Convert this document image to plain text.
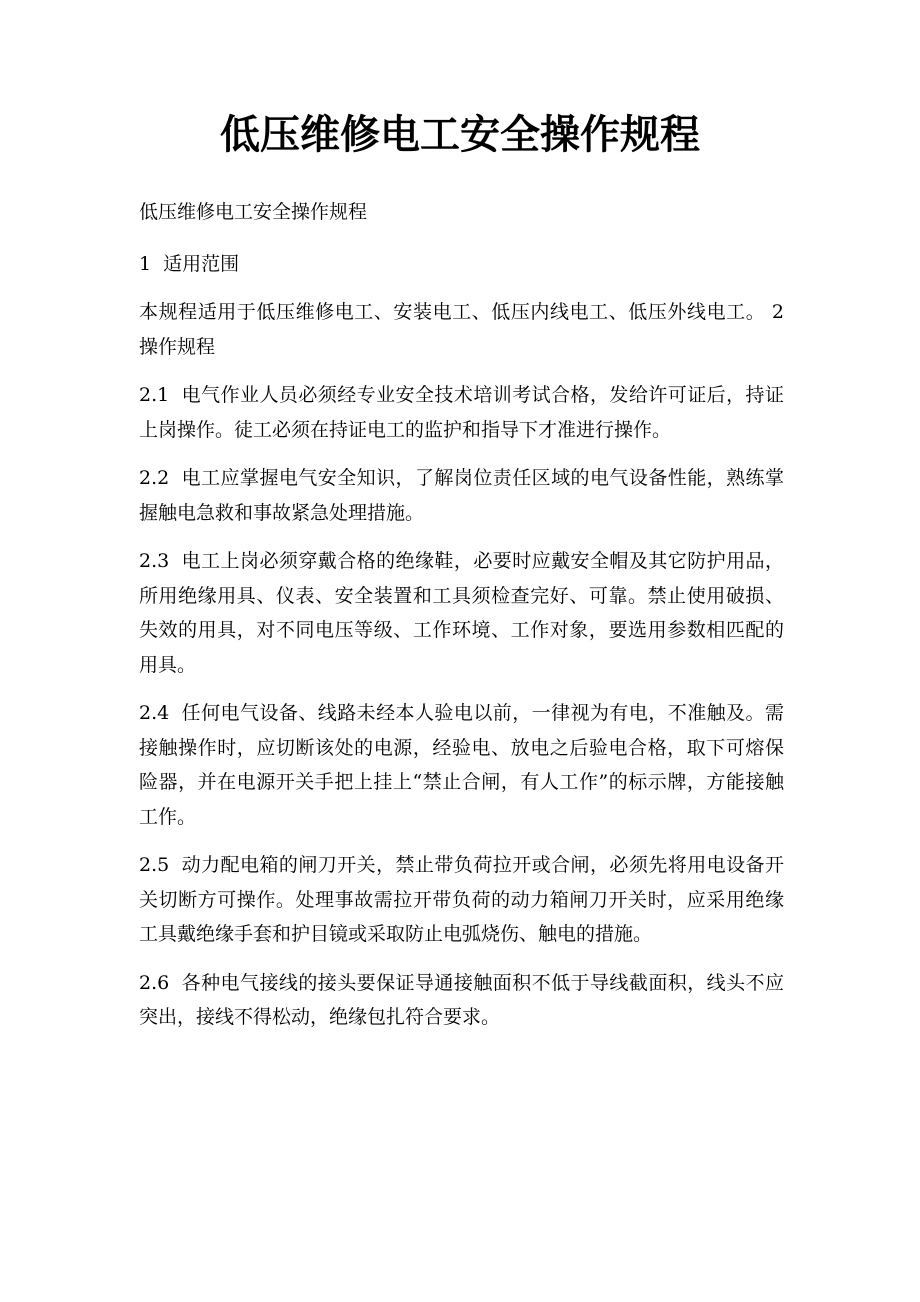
低压维修电工安全操作规程

低压维修电工安全操作规程

1 适用范围

本规程适用于低压维修电工、安装电工、低压内线电工、低压外线电工。 2 操作规程

2.1 电气作业人员必须经专业安全技术培训考试合格，发给许可证后，持证上岗操作。徒工必须在持证电工的监护和指导下才准进行操作。

2.2 电工应掌握电气安全知识，了解岗位责任区域的电气设备性能，熟练掌握触电急救和事故紧急处理措施。

2.3 电工上岗必须穿戴合格的绝缘鞋，必要时应戴安全帽及其它防护用品，所用绝缘用具、仪表、安全装置和工具须检查完好、可靠。禁止使用破损、失效的用具，对不同电压等级、工作环境、工作对象，要选用参数相匹配的用具。

2.4 任何电气设备、线路未经本人验电以前，一律视为有电，不准触及。需接触操作时，应切断该处的电源，经验电、放电之后验电合格，取下可熔保险器，并在电源开关手把上挂上“禁止合闸，有人工作”的标示牌，方能接触工作。

2.5 动力配电箱的闸刀开关，禁止带负荷拉开或合闸，必须先将用电设备开关切断方可操作。处理事故需拉开带负荷的动力箱闸刀开关时，应采用绝缘工具戴绝缘手套和护目镜或采取防止电弧烧伤、触电的措施。

2.6 各种电气接线的接头要保证导通接触面积不低于导线截面积，线头不应突出，接线不得松动，绝缘包扎符合要求。
